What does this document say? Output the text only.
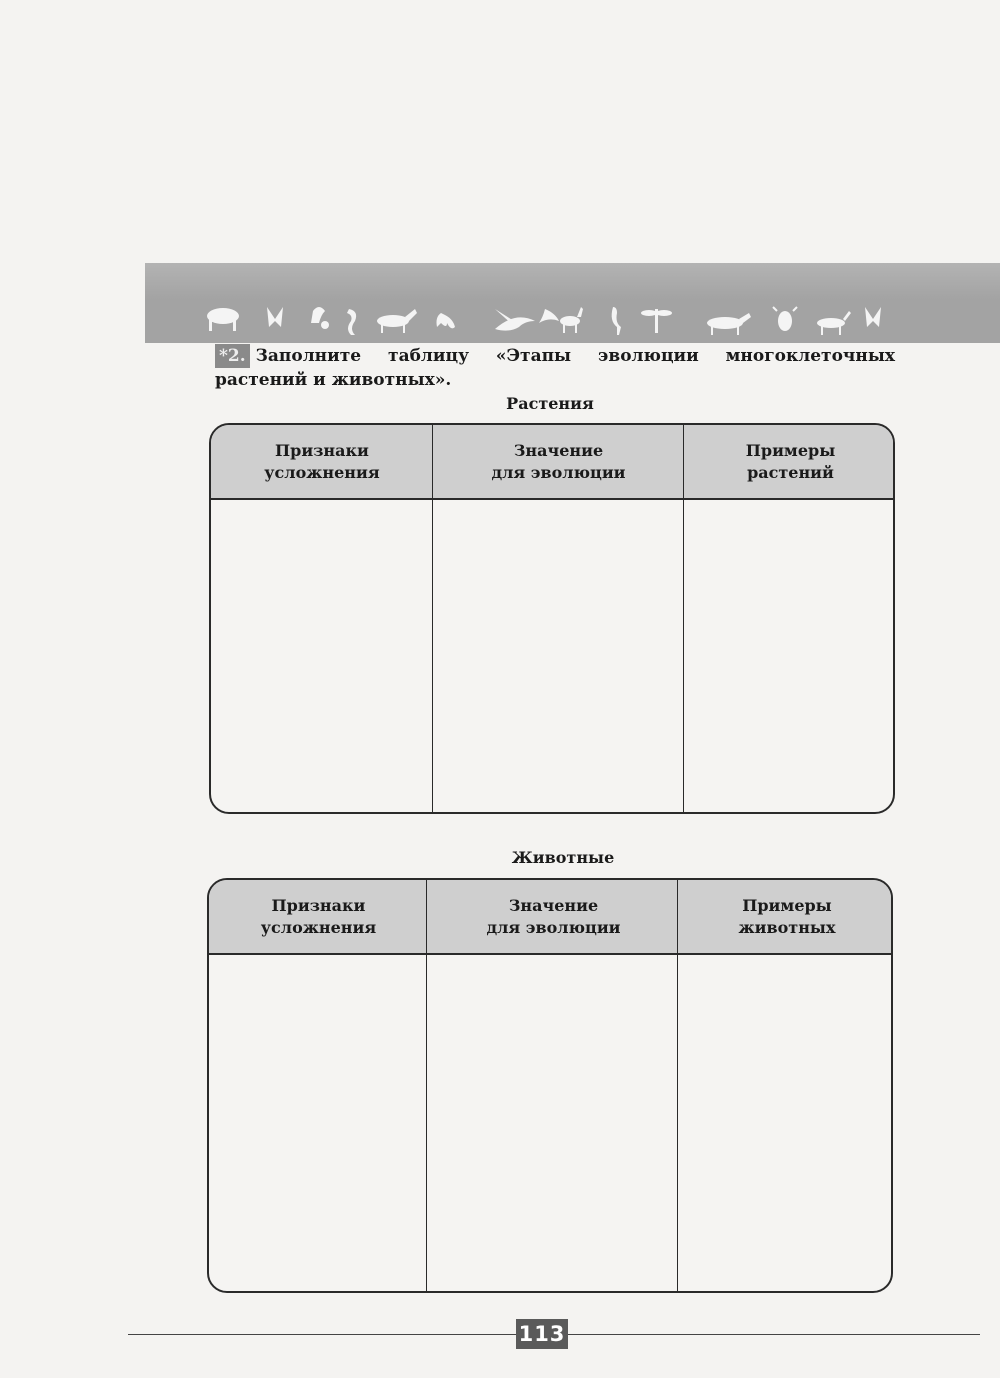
*2. Заполните таблицу «Этапы эволюции многоклеточных растений и животных».
Растения
Признаки
усложнения
Значение
для эволюции
Примеры
растений
Животные
Признаки
усложнения
Значение
для эволюции
Примеры
животных
113
